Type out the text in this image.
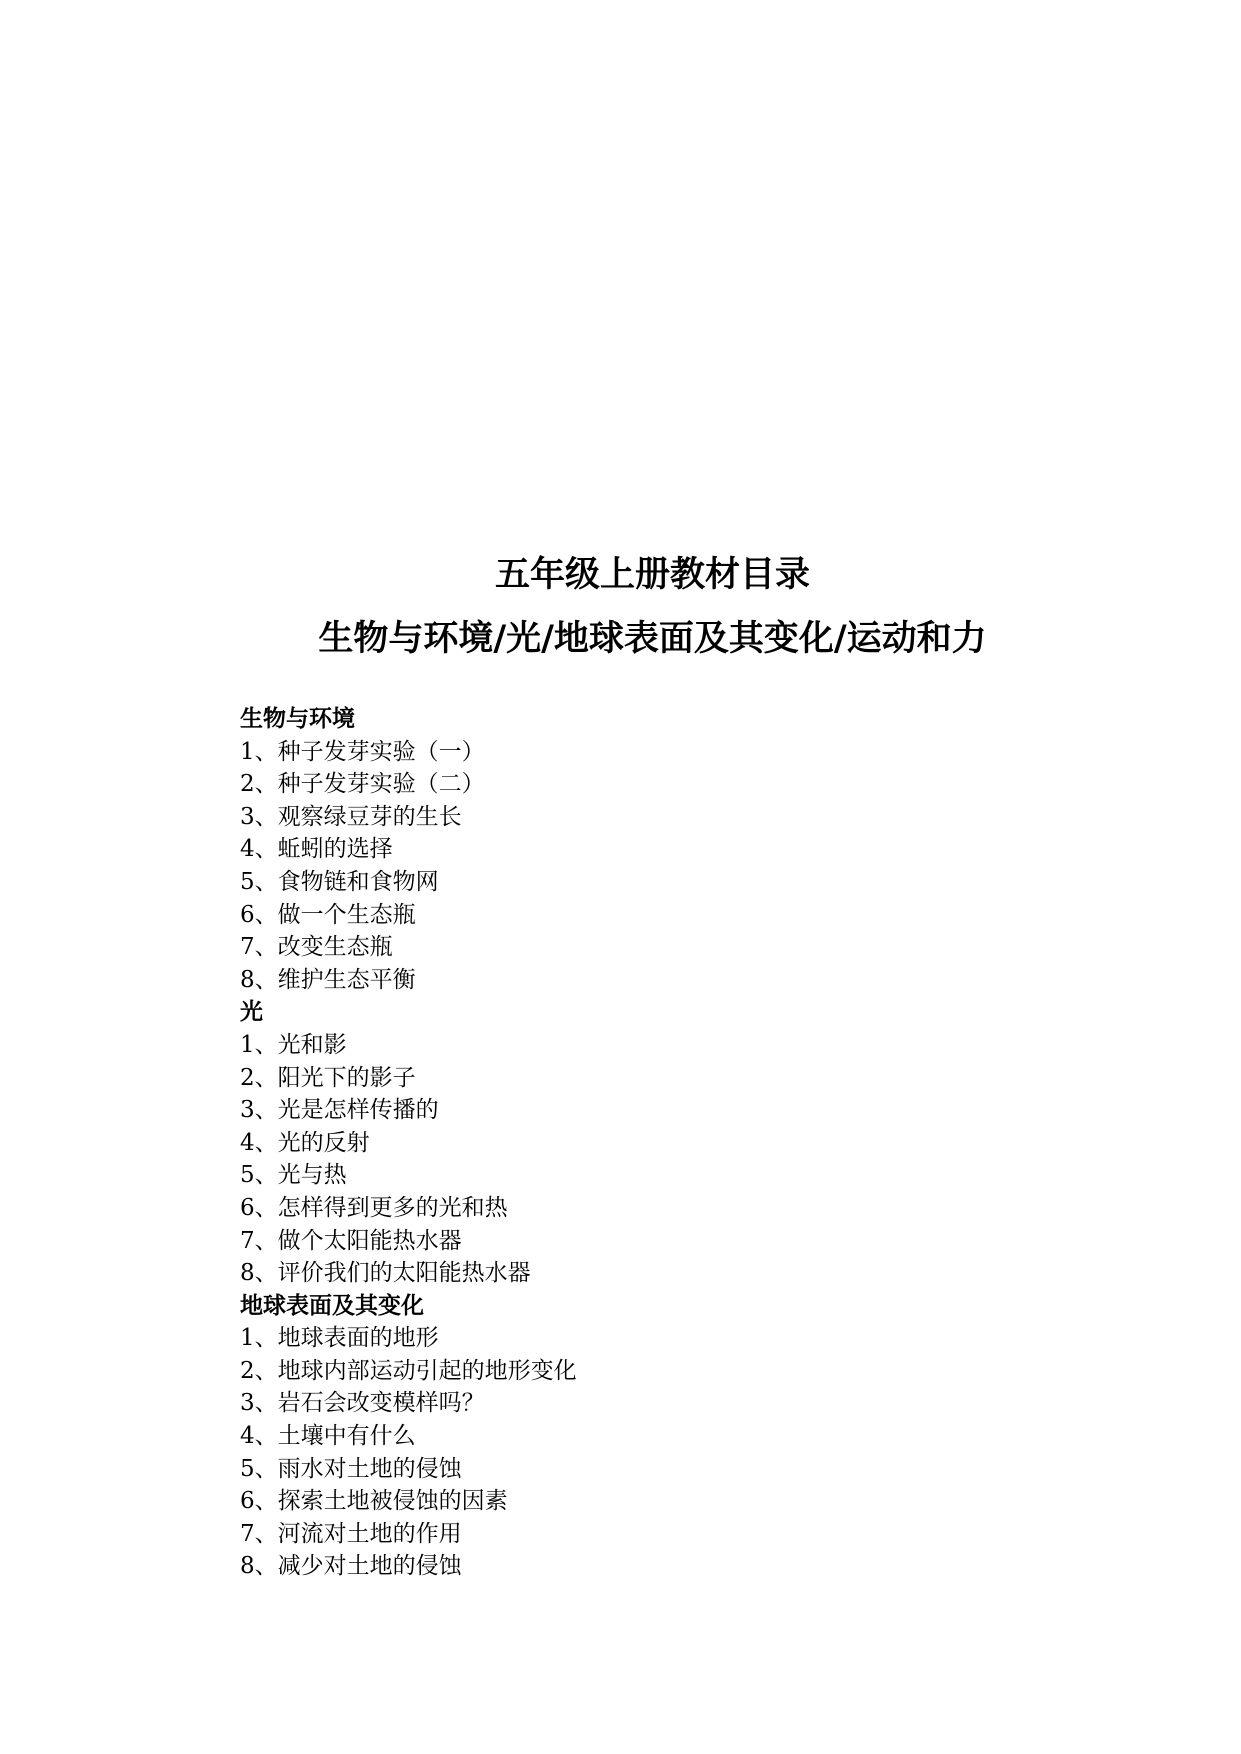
五年级上册教材目录
生物与环境/光/地球表面及其变化/运动和力
生物与环境
1、种子发芽实验（一）
2、种子发芽实验（二）
3、观察绿豆芽的生长
4、蚯蚓的选择
5、食物链和食物网
6、做一个生态瓶
7、改变生态瓶
8、维护生态平衡
光
1、光和影
2、阳光下的影子
3、光是怎样传播的
4、光的反射
5、光与热
6、怎样得到更多的光和热
7、做个太阳能热水器
8、评价我们的太阳能热水器
地球表面及其变化
1、地球表面的地形
2、地球内部运动引起的地形变化
3、岩石会改变模样吗？
4、土壤中有什么
5、雨水对土地的侵蚀
6、探索土地被侵蚀的因素
7、河流对土地的作用
8、减少对土地的侵蚀
